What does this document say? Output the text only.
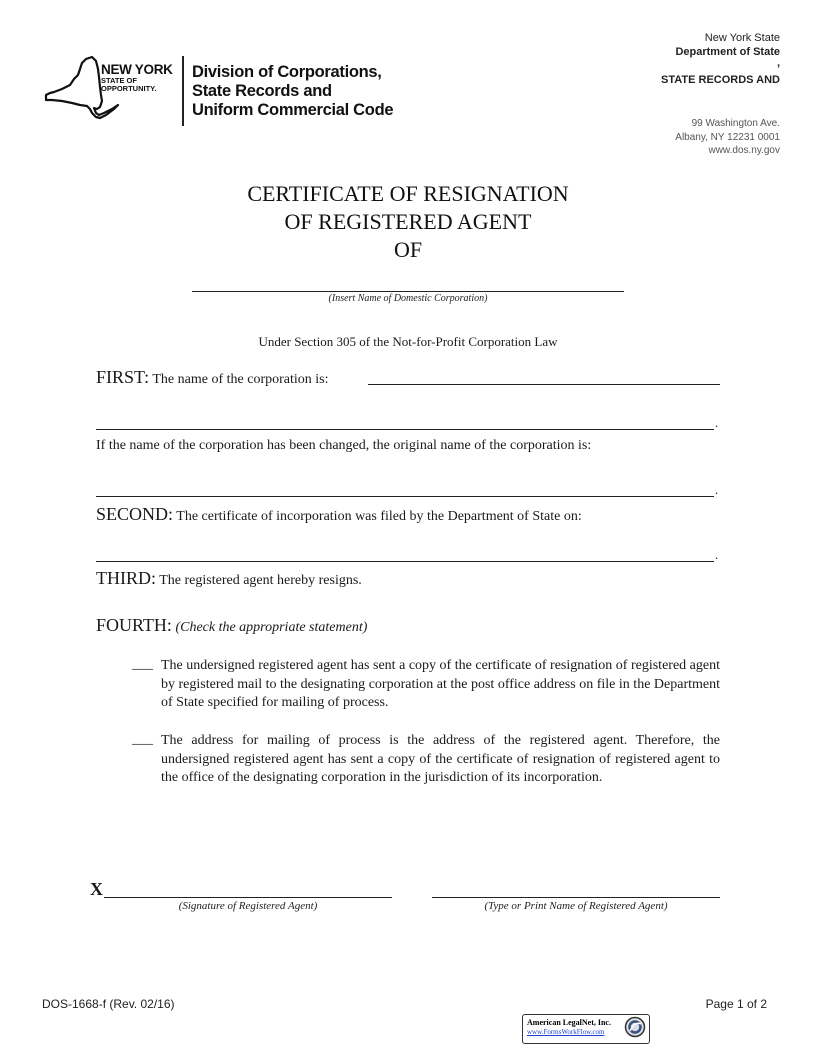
NEW YORK
STATE OF
OPPORTUNITY.
Division of Corporations,
State Records and
Uniform Commercial Code
New York State
Department of State
,
STATE RECORDS AND
99 Washington Ave.
Albany, NY 12231 0001
www.dos.ny.gov
CERTIFICATE OF RESIGNATION
OF REGISTERED AGENT
OF
(Insert Name of Domestic Corporation)
Under Section 305 of the Not-for-Profit Corporation Law
FIRST: The name of the corporation is:
.
If the name of the corporation has been changed, the original name of the corporation is:
.
SECOND: The certificate of incorporation was filed by the Department of State on:
.
THIRD: The registered agent hereby resigns.
FOURTH: (Check the appropriate statement)
___ The undersigned registered agent has sent a copy of the certificate of resignation of registered agent by registered mail to the designating corporation at the post office address on file in the Department of State specified for mailing of process.
___ The address for mailing of process is the address of the registered agent. Therefore, the undersigned registered agent has sent a copy of the certificate of resignation of registered agent to the office of the designating corporation in the jurisdiction of its incorporation.
X
(Signature of Registered Agent)	(Type or Print Name of Registered Agent)
DOS-1668-f (Rev. 02/16)	Page 1 of 2
American LegalNet, Inc.
www.FormsWorkFlow.com
